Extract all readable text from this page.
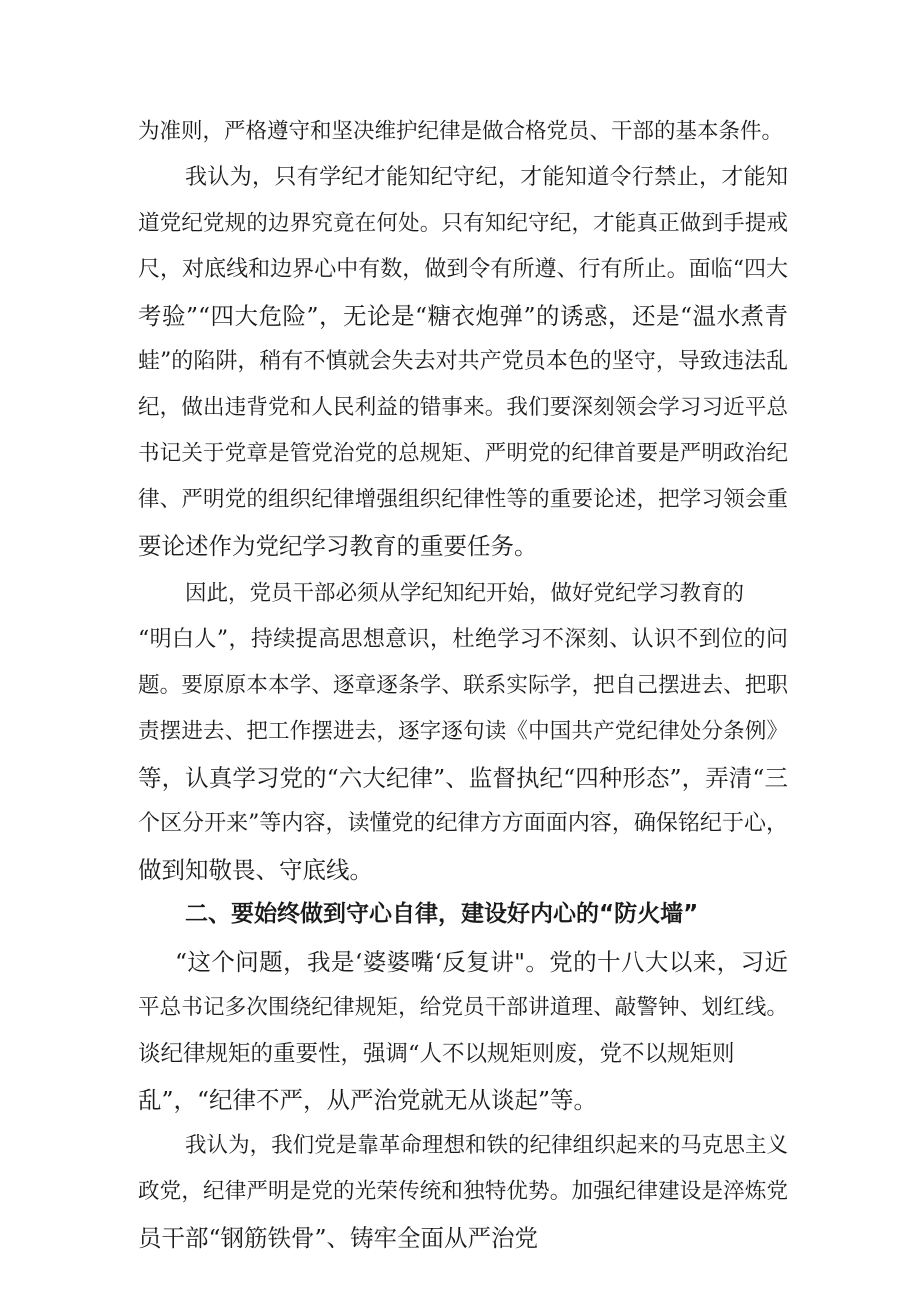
为准则，严格遵守和坚决维护纪律是做合格党员、干部的基本条件。
我认为，只有学纪才能知纪守纪，才能知道令行禁止，才能知
道党纪党规的边界究竟在何处。只有知纪守纪，才能真正做到手提戒
尺，对底线和边界心中有数，做到令有所遵、行有所止。面临“四大
考验”“四大危险”，无论是“糖衣炮弹”的诱惑，还是“温水煮青
蛙”的陷阱，稍有不慎就会失去对共产党员本色的坚守，导致违法乱
纪，做出违背党和人民利益的错事来。我们要深刻领会学习习近平总
书记关于党章是管党治党的总规矩、严明党的纪律首要是严明政治纪
律、严明党的组织纪律增强组织纪律性等的重要论述，把学习领会重
要论述作为党纪学习教育的重要任务。
因此，党员干部必须从学纪知纪开始，做好党纪学习教育的
“明白人”，持续提高思想意识，杜绝学习不深刻、认识不到位的问
题。要原原本本学、逐章逐条学、联系实际学，把自己摆进去、把职
责摆进去、把工作摆进去，逐字逐句读《中国共产党纪律处分条例》
等，认真学习党的“六大纪律”、监督执纪“四种形态”，弄清“三
个区分开来”等内容，读懂党的纪律方方面面内容，确保铭纪于心，
做到知敬畏、守底线。
二、要始终做到守心自律，建设好内心的“防火墙”
“这个问题，我是‘婆婆嘴‘反复讲"。党的十八大以来，习近
平总书记多次围绕纪律规矩，给党员干部讲道理、敲警钟、划红线。
谈纪律规矩的重要性，强调“人不以规矩则废，党不以规矩则
乱”，“纪律不严，从严治党就无从谈起”等。
我认为，我们党是靠革命理想和铁的纪律组织起来的马克思主义
政党，纪律严明是党的光荣传统和独特优势。加强纪律建设是淬炼党
员干部“钢筋铁骨”、铸牢全面从严治党
